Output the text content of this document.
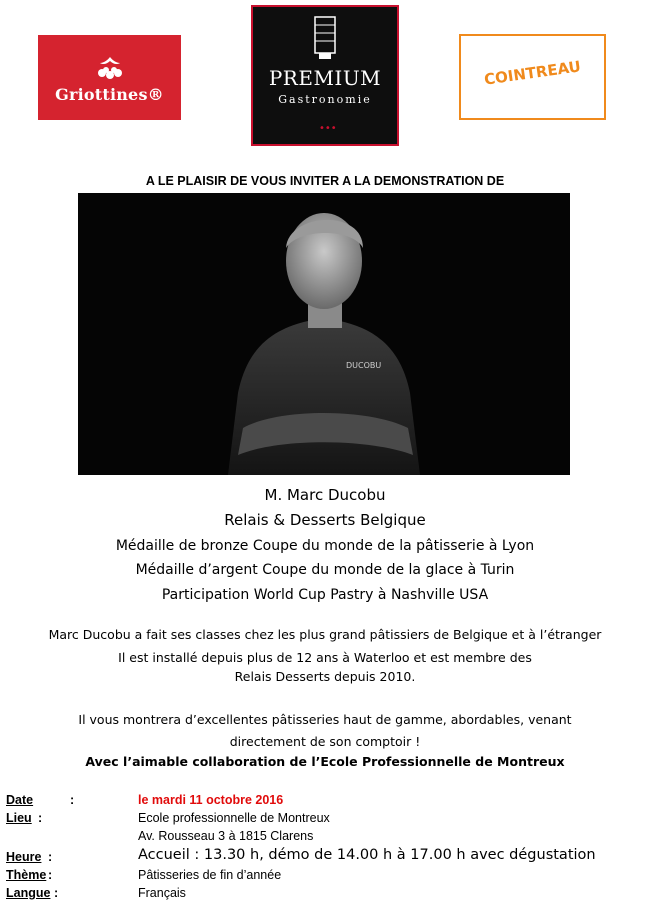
Griottines®
PREMIUM
Gastronomie
•••
COINTREAU
A LE PLAISIR DE VOUS INVITER A LA DEMONSTRATION DE
DUCOBU
M. Marc Ducobu
Relais & Desserts Belgique
Médaille de bronze Coupe du monde de la pâtisserie à Lyon
Médaille d’argent Coupe du monde de la glace à Turin
Participation World Cup Pastry à Nashville USA
Marc Ducobu a fait ses classes chez les plus grand pâtissiers de Belgique et à l’étranger
Il est installé depuis plus de 12 ans à Waterloo et est membre des
Relais Desserts depuis 2010.
Il vous montrera d’excellentes pâtisseries haut de gamme, abordables, venant
directement de son comptoir !
Avec l’aimable collaboration de l’Ecole Professionnelle de Montreux
Date	:	le mardi 11 octobre 2016
Lieu :	Ecole professionnelle de Montreux
Av. Rousseau 3 à 1815 Clarens
Heure :	Accueil : 13.30 h, démo de 14.00 h à 17.00 h avec dégustation
Thème :	Pâtisseries de fin d’année
Langue :	Français
